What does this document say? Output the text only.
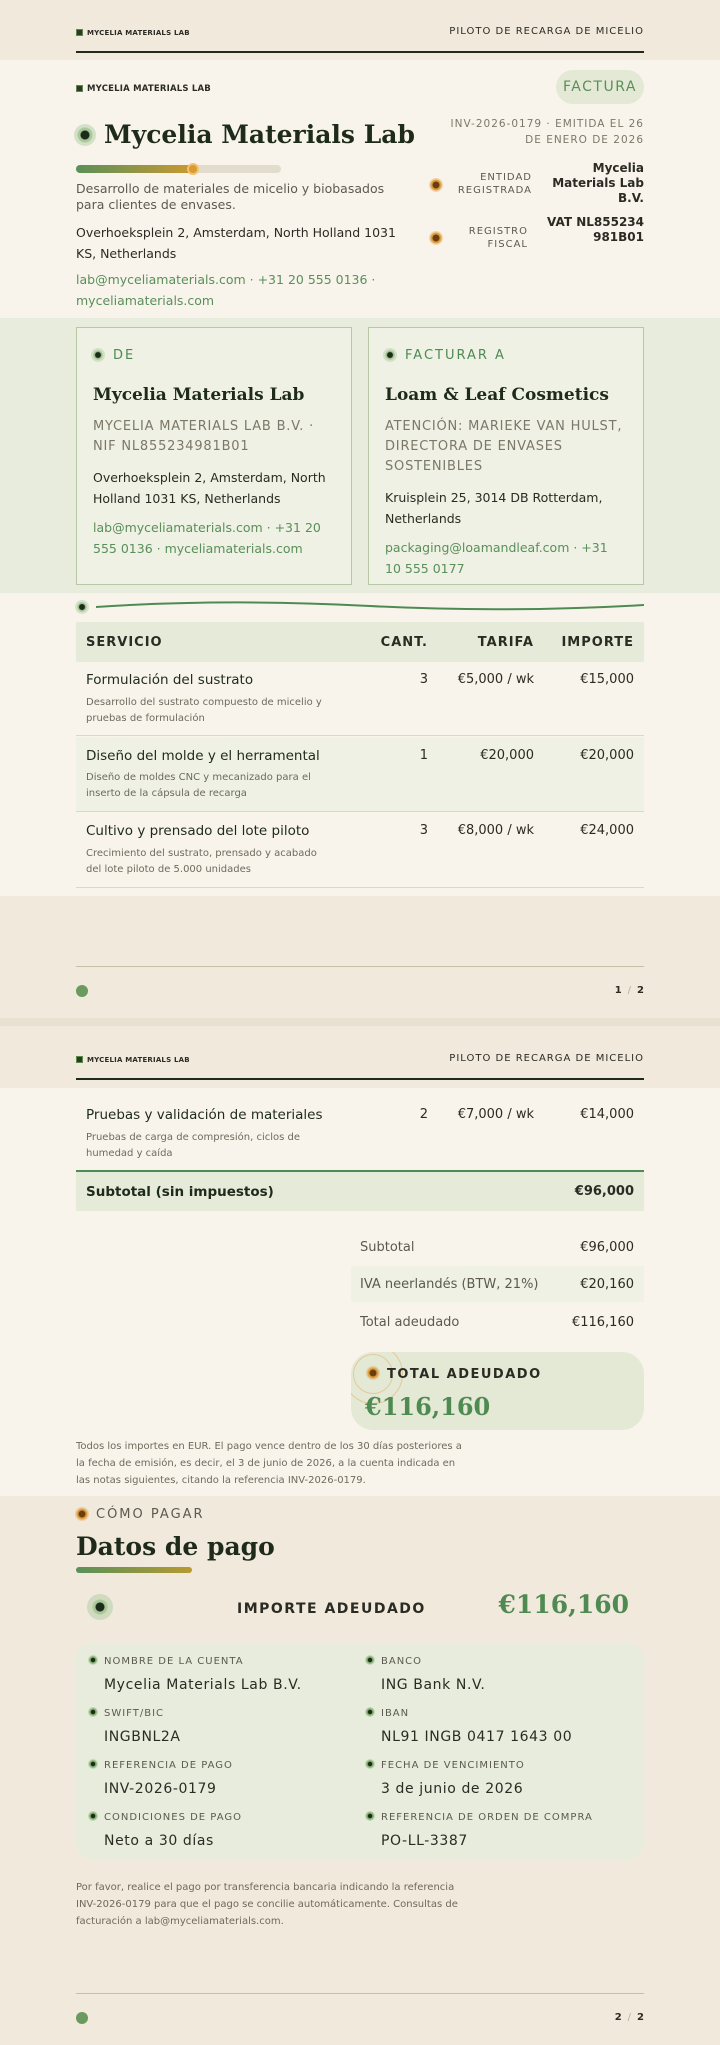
MYCELIA MATERIALS LAB	PILOTO DE RECARGA DE MICELIO
MYCELIA MATERIALS LAB
Mycelia Materials Lab
Desarrollo de materiales de micelio y biobasados para clientes de envases.
Overhoeksplein 2, Amsterdam, North Holland 1031 KS, Netherlands
lab@myceliamaterials.com · +31 20 555 0136 · myceliamaterials.com
FACTURA
INV-2026-0179 · EMITIDA EL 26 DE ENERO DE 2026
ENTIDAD REGISTRADA
Mycelia Materials Lab B.V.
REGISTRO FISCAL
VAT NL855234981B01
DE
Mycelia Materials Lab
MYCELIA MATERIALS LAB B.V. · NIF NL855234981B01
Overhoeksplein 2, Amsterdam, North Holland 1031 KS, Netherlands
lab@myceliamaterials.com · +31 20 555 0136 · myceliamaterials.com
FACTURAR A
Loam & Leaf Cosmetics
ATENCIÓN: MARIEKE VAN HULST, DIRECTORA DE ENVASES SOSTENIBLES
Kruisplein 25, 3014 DB Rotterdam, Netherlands
packaging@loamandleaf.com · +31 10 555 0177
SERVICIO	CANT.	TARIFA IMPORTE
Formulación del sustrato
Desarrollo del sustrato compuesto de micelio y pruebas de formulación
3 €5,000 / wk	€15,000
Diseño del molde y el herramental
Diseño de moldes CNC y mecanizado para el inserto de la cápsula de recarga
1	€20,000	€20,000
Cultivo y prensado del lote piloto
Crecimiento del sustrato, prensado y acabado del lote piloto de 5.000 unidades
3 €8,000 / wk	€24,000
1 / 2
MYCELIA MATERIALS LAB	PILOTO DE RECARGA DE MICELIO
Pruebas y validación de materiales
Pruebas de carga de compresión, ciclos de humedad y caída
2 €7,000 / wk	€14,000
Subtotal (sin impuestos)	€96,000
Subtotal	€96,000
IVA neerlandés (BTW, 21%)	€20,160
Total adeudado	€116,160
TOTAL ADEUDADO
€116,160
Todos los importes en EUR. El pago vence dentro de los 30 días posteriores a la fecha de emisión, es decir, el 3 de junio de 2026, a la cuenta indicada en las notas siguientes, citando la referencia INV-2026-0179.
CÓMO PAGAR
Datos de pago
IMPORTE ADEUDADO	€116,160
NOMBRE DE LA CUENTA
Mycelia Materials Lab B.V.
BANCO
ING Bank N.V.
SWIFT/BIC
INGBNL2A
IBAN
NL91 INGB 0417 1643 00
REFERENCIA DE PAGO
INV-2026-0179
FECHA DE VENCIMIENTO
3 de junio de 2026
CONDICIONES DE PAGO
Neto a 30 días
REFERENCIA DE ORDEN DE COMPRA
PO-LL-3387
Por favor, realice el pago por transferencia bancaria indicando la referencia INV-2026-0179 para que el pago se concilie automáticamente. Consultas de facturación a lab@myceliamaterials.com.
2 / 2
